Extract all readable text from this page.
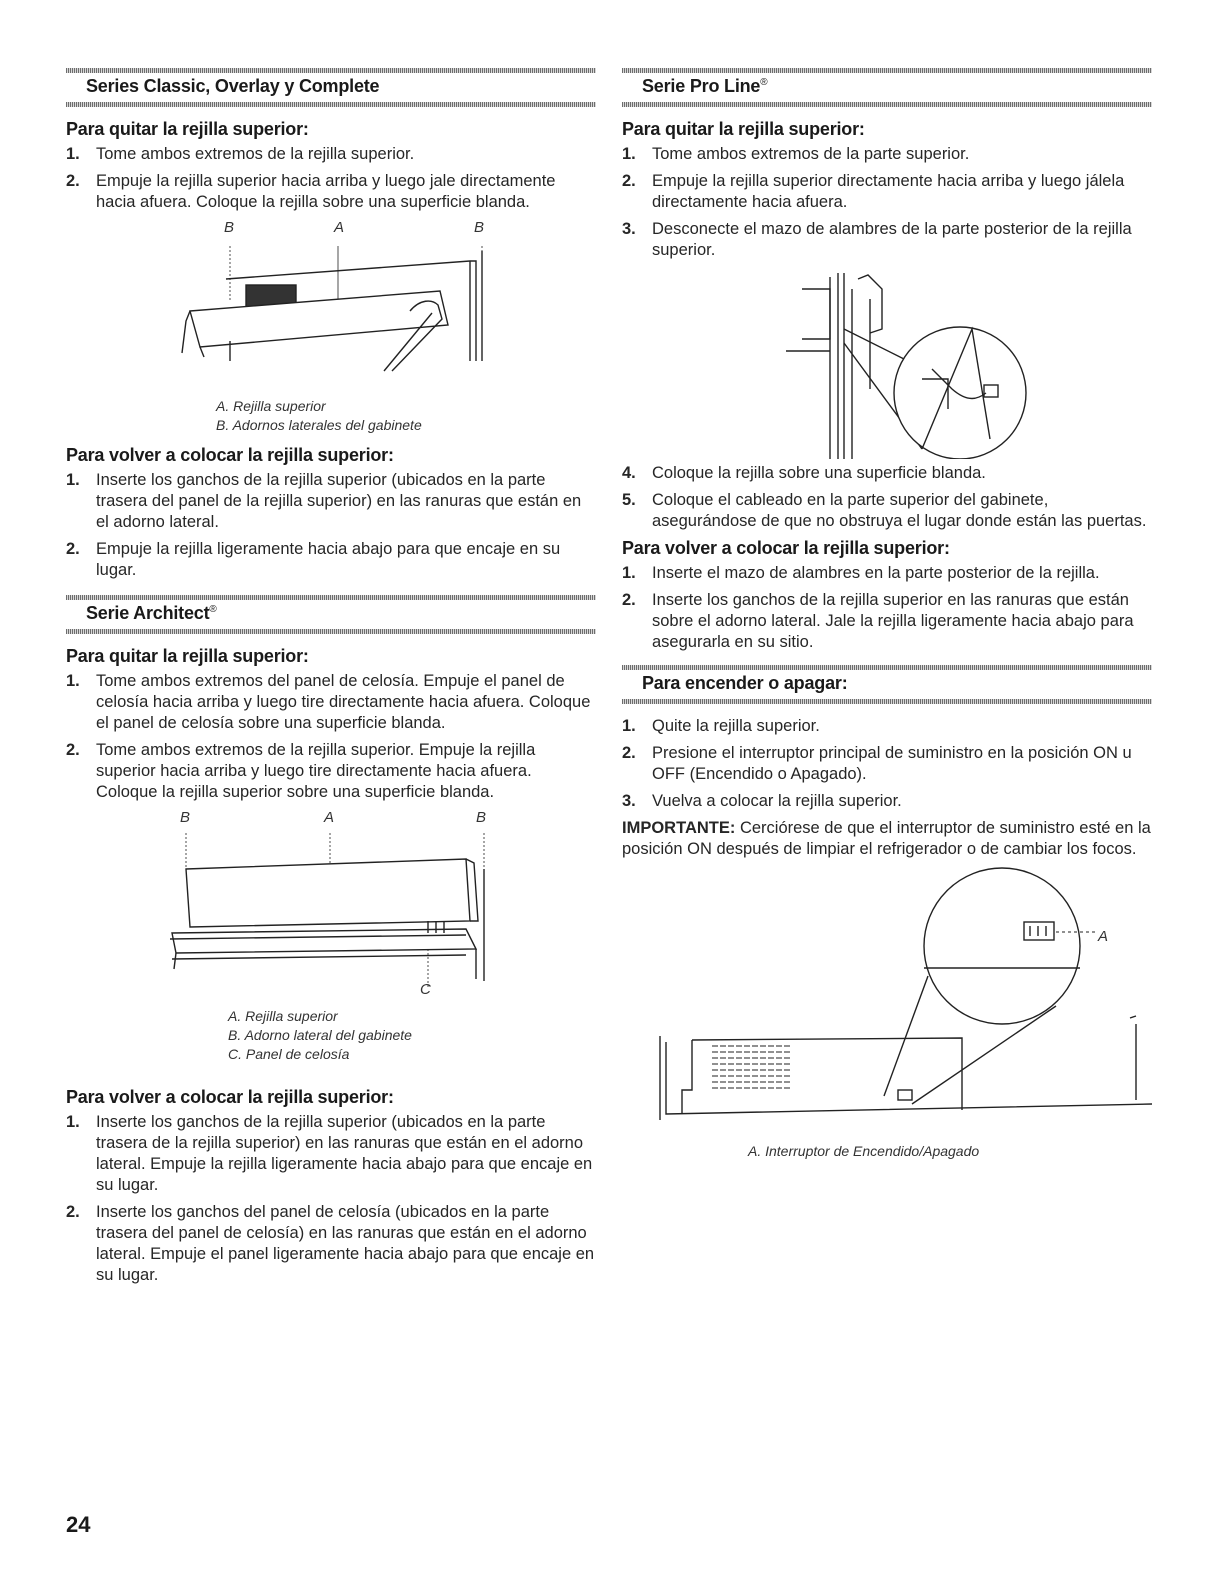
Series Classic, Overlay y Complete
Para quitar la rejilla superior:
1. Tome ambos extremos de la rejilla superior.
2. Empuje la rejilla superior hacia arriba y luego jale directamente hacia afuera. Coloque la rejilla sobre una superficie blanda.
B	A	B
A. Rejilla superior
B. Adornos laterales del gabinete
Para volver a colocar la rejilla superior:
1. Inserte los ganchos de la rejilla superior (ubicados en la parte trasera del panel de la rejilla superior) en las ranuras que están en el adorno lateral.
2. Empuje la rejilla ligeramente hacia abajo para que encaje en su lugar.
Serie Architect®
Para quitar la rejilla superior:
1. Tome ambos extremos del panel de celosía. Empuje el panel de celosía hacia arriba y luego tire directamente hacia afuera. Coloque el panel de celosía sobre una superficie blanda.
2. Tome ambos extremos de la rejilla superior. Empuje la rejilla superior hacia arriba y luego tire directamente hacia afuera. Coloque la rejilla superior sobre una superficie blanda.
B	A	B
C
A. Rejilla superior
B. Adorno lateral del gabinete
C. Panel de celosía
Para volver a colocar la rejilla superior:
1. Inserte los ganchos de la rejilla superior (ubicados en la parte trasera de la rejilla superior) en las ranuras que están en el adorno lateral. Empuje la rejilla ligeramente hacia abajo para que encaje en su lugar.
2. Inserte los ganchos del panel de celosía (ubicados en la parte trasera del panel de celosía) en las ranuras que están en el adorno lateral. Empuje el panel ligeramente hacia abajo para que encaje en su lugar.
Serie Pro Line®
Para quitar la rejilla superior:
1. Tome ambos extremos de la parte superior.
2. Empuje la rejilla superior directamente hacia arriba y luego jálela directamente hacia afuera.
3. Desconecte el mazo de alambres de la parte posterior de la rejilla superior.
4. Coloque la rejilla sobre una superficie blanda.
5. Coloque el cableado en la parte superior del gabinete, asegurándose de que no obstruya el lugar donde están las puertas.
Para volver a colocar la rejilla superior:
1. Inserte el mazo de alambres en la parte posterior de la rejilla.
2. Inserte los ganchos de la rejilla superior en las ranuras que están sobre el adorno lateral. Jale la rejilla ligeramente hacia abajo para asegurarla en su sitio.
Para encender o apagar:
1. Quite la rejilla superior.
2. Presione el interruptor principal de suministro en la posición ON u OFF (Encendido o Apagado).
3. Vuelva a colocar la rejilla superior.
IMPORTANTE: Cerciórese de que el interruptor de suministro esté en la posición ON después de limpiar el refrigerador o de cambiar los focos.
A
A. Interruptor de Encendido/Apagado
24
